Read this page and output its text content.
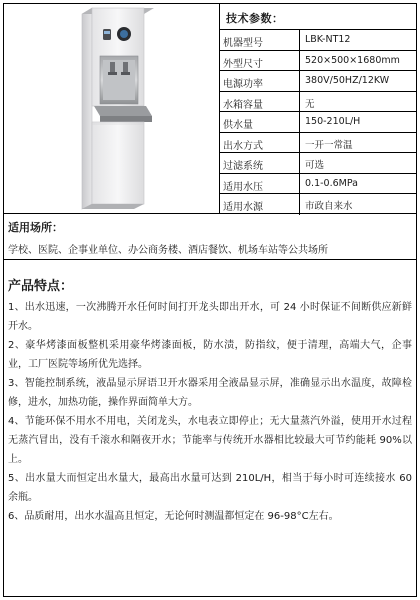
技术参数：
机器型号	LBK-NT12
外型尺寸	520×500×1680mm
电源功率	380V/50HZ/12KW
水箱容量	无
供水量	150-210L/H
出水方式	一开一常温
过滤系统	可选
适用水压	0.1-0.6MPa
适用水源	市政自来水
适用场所：
学校、医院、企事业单位、办公商务楼、酒店餐饮、机场车站等公共场所
产品特点：
1、出水迅速，一次沸腾开水任何时间打开龙头即出开水，可 24 小时保证不间断供应新鲜开水。
2、豪华烤漆面板整机采用豪华烤漆面板，防水渍，防指纹，便于清理，高端大气，企事业，工厂医院等场所优先选择。
3、智能控制系统，液晶显示屏语卫开水器采用全液晶显示屏，准确显示出水温度，故障检修，进水，加热功能，操作界面简单大方。
4、节能环保不用水不用电，关闭龙头，水电表立即停止；无大量蒸汽外溢，使用开水过程无蒸汽冒出，没有千滚水和隔夜开水；节能率与传统开水器相比较最大可节约能耗 90%以上。
5、出水量大而恒定出水量大，最高出水量可达到 210L/H，相当于每小时可连续接水 60 余瓶。
6、品质耐用，出水水温高且恒定，无论何时测温都恒定在 96-98°C左右。
